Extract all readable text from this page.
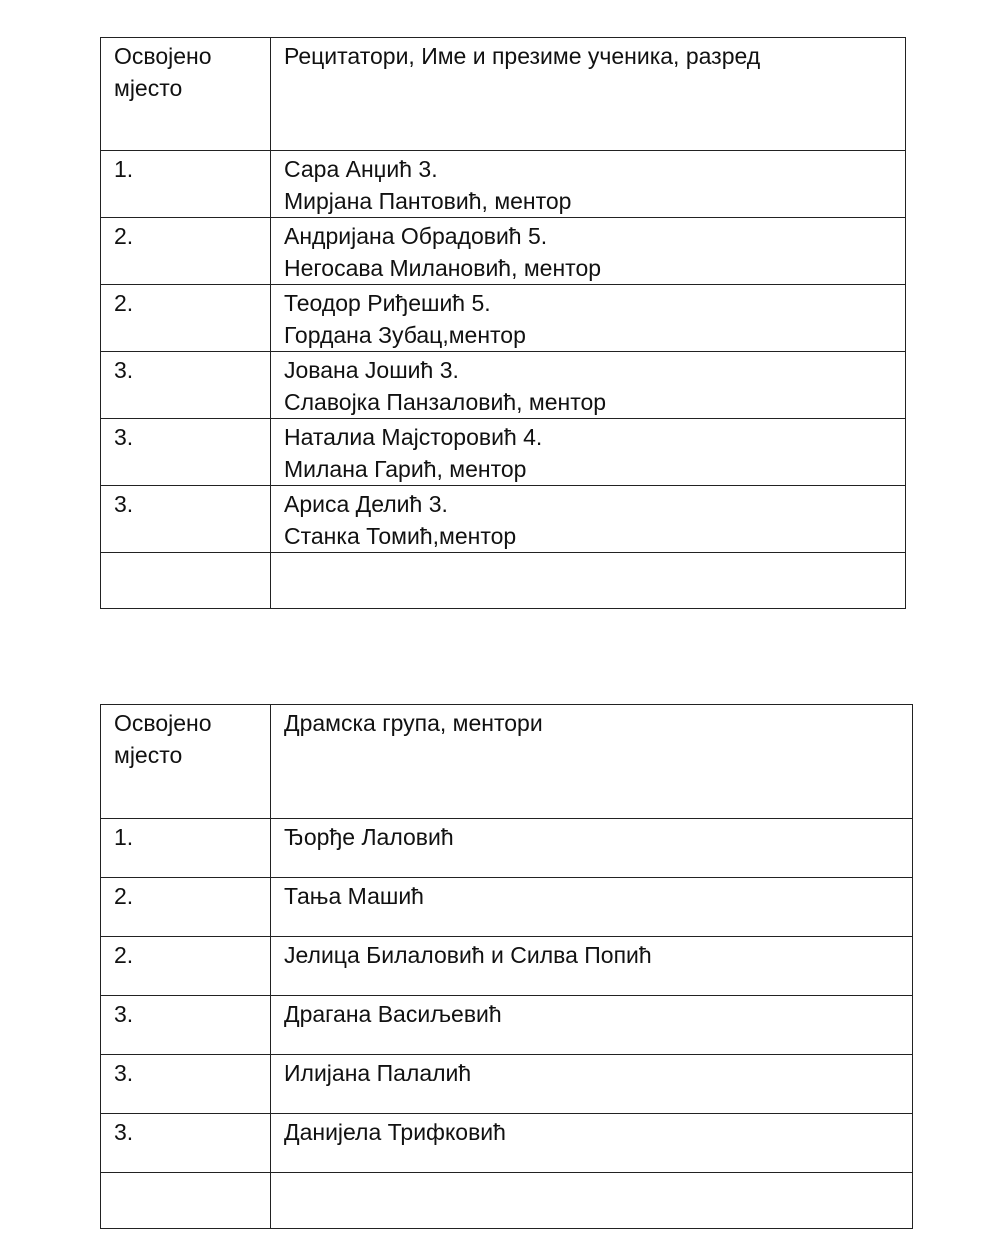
Освојено
мјесто	Рецитатори, Име и презиме ученика, разред

1.	Сара Анџић 3.
Мирјана Пантовић, ментор

2.	Андријана Обрадовић 5.
Негосава Милановић, ментор

2.	Теодор Риђешић 5.
Гордана Зубац,ментор

3.	Јована Јошић 3.
Славојка Панзаловић, ментор

3.	Наталиа Мајсторовић 4.
Милана Гарић, ментор

3.	Ариса Делић 3.
Станка Томић,ментор

Освојено
мјесто	Драмска група, ментори

1.	Ђорђе Лаловић

2.	Тања Машић

2.	Јелица Билаловић и Силва Попић

3.	Драгана Васиљевић

3.	Илијана Палалић

3.	Данијела Трифковић
